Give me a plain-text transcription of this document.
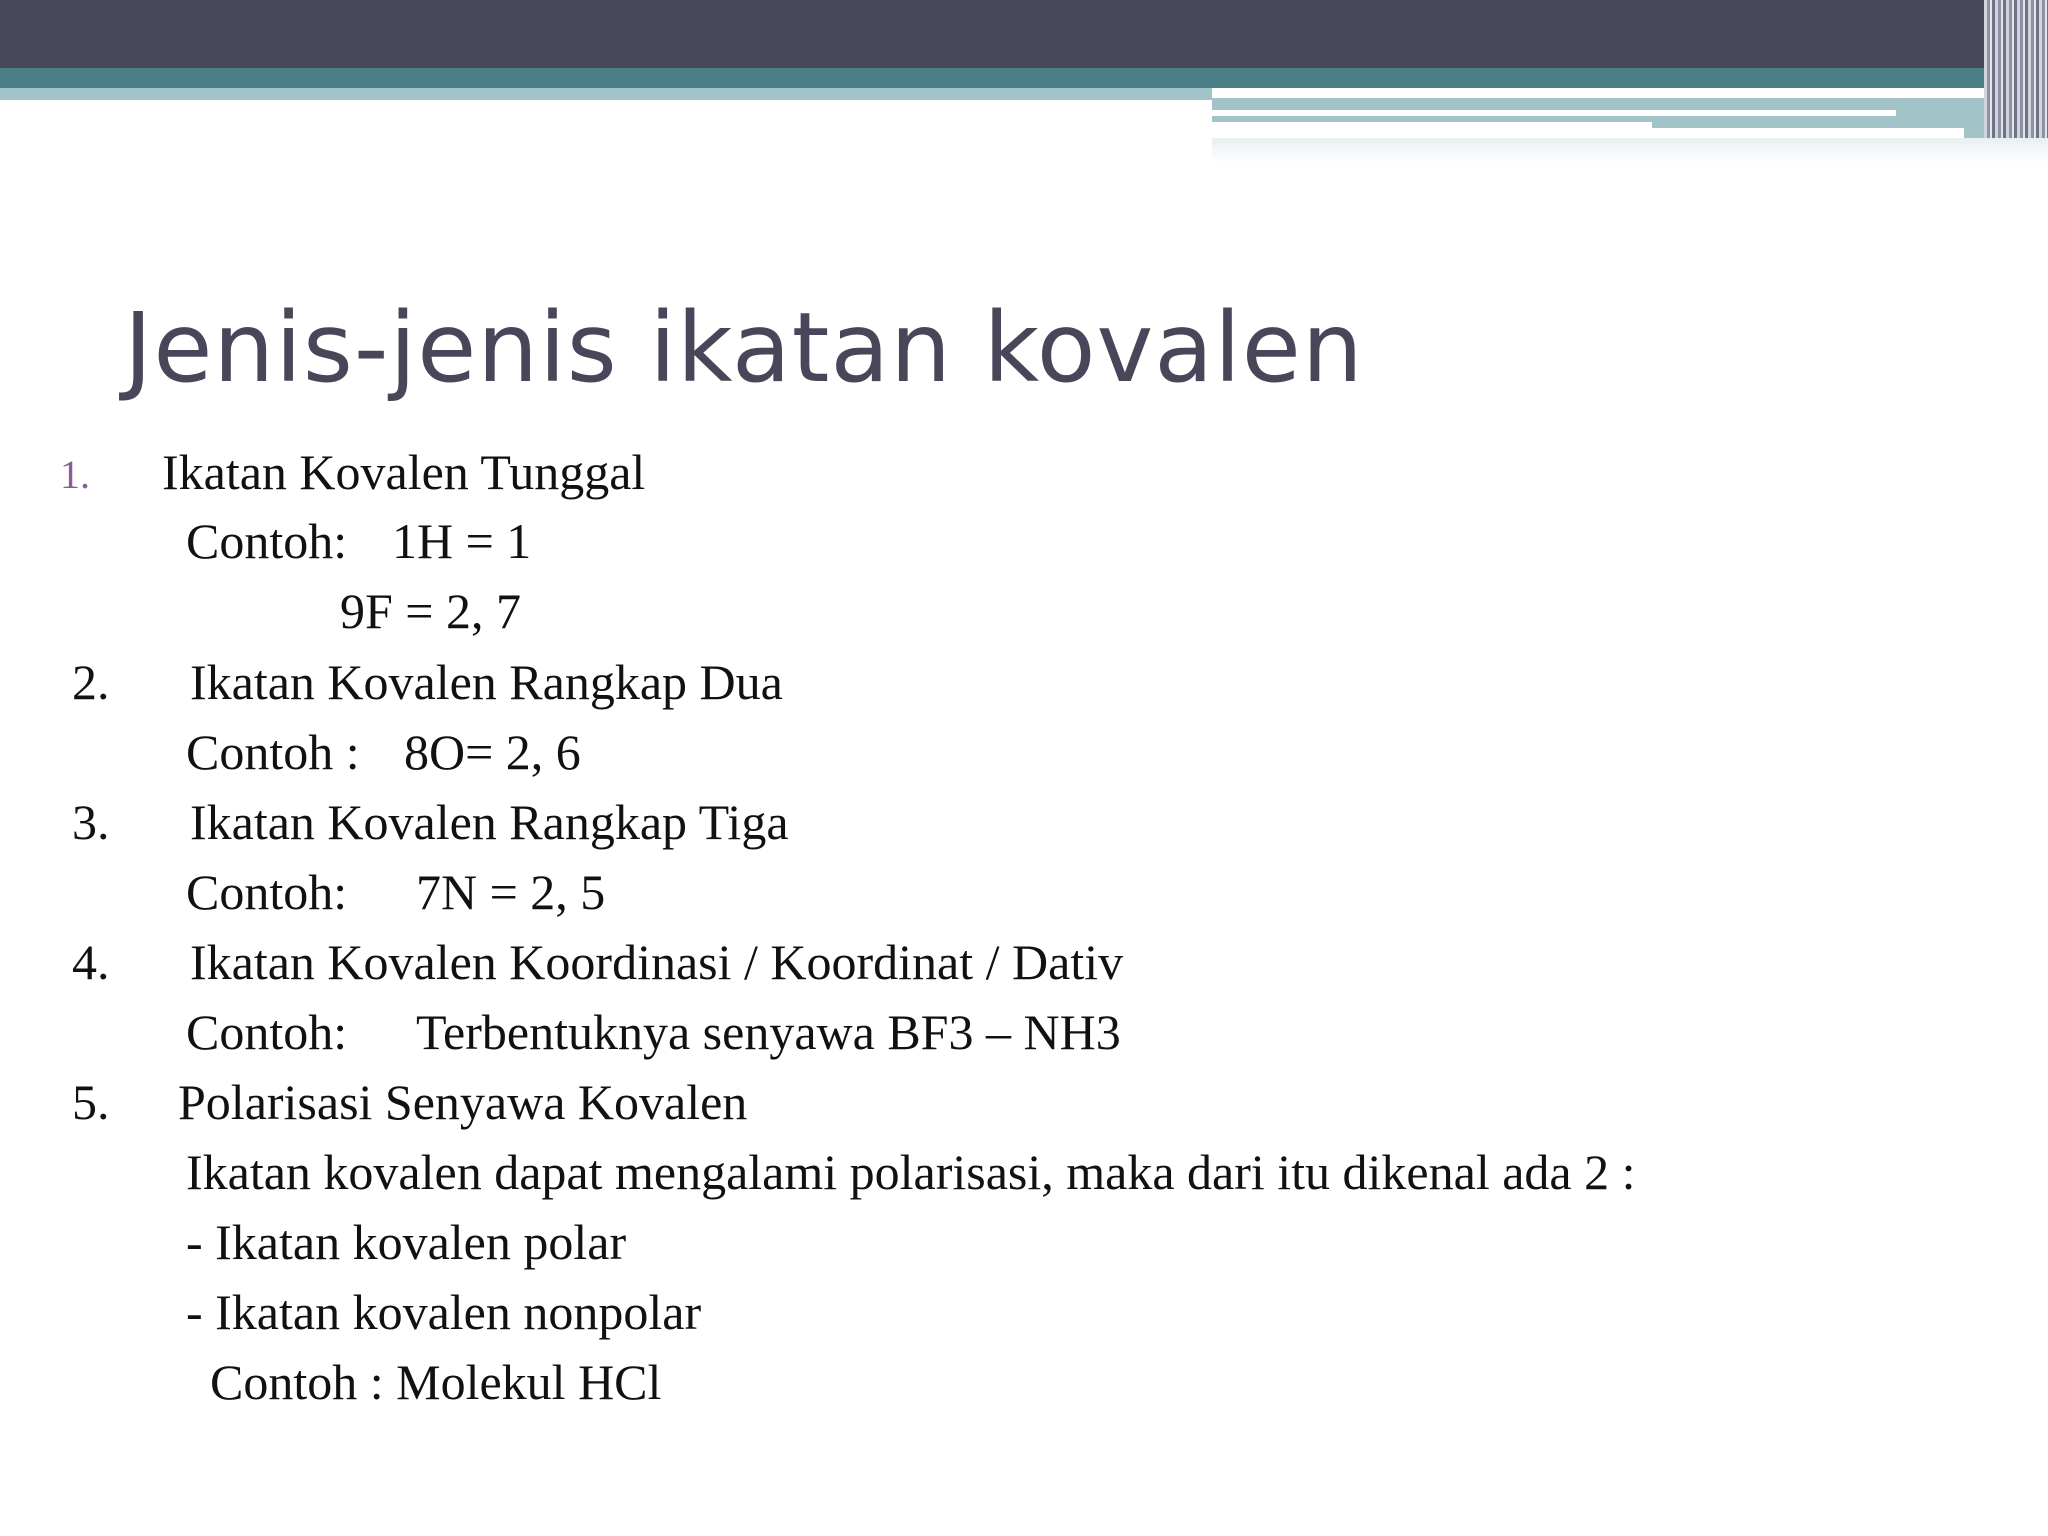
Jenis-jenis ikatan kovalen
1. Ikatan Kovalen Tunggal
Contoh: 1H = 1
9F = 2, 7
2. Ikatan Kovalen Rangkap Dua
Contoh : 8O= 2, 6
3. Ikatan Kovalen Rangkap Tiga
Contoh: 7N = 2, 5
4. Ikatan Kovalen Koordinasi / Koordinat / Dativ
Contoh: Terbentuknya senyawa BF3 – NH3
5. Polarisasi Senyawa Kovalen
Ikatan kovalen dapat mengalami polarisasi, maka dari itu dikenal ada 2 :
- Ikatan kovalen polar
- Ikatan kovalen nonpolar
Contoh : Molekul HCl
